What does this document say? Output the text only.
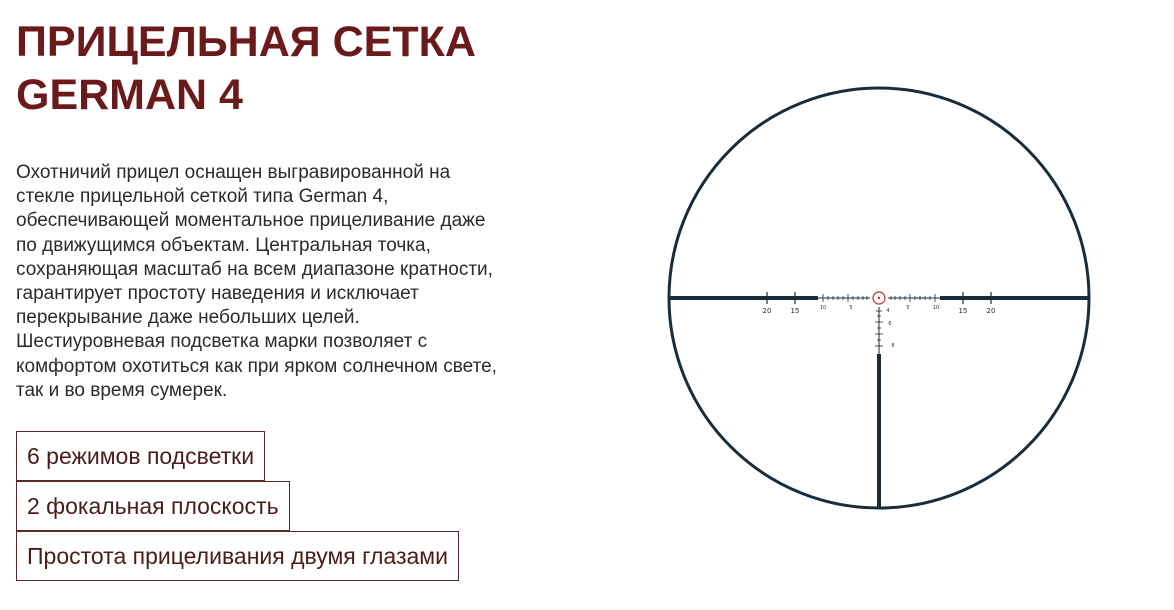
ПРИЦЕЛЬНАЯ СЕТКА
GERMAN 4

Охотничий прицел оснащен выгравированной на
стекле прицельной сеткой типа German 4,
обеспечивающей моментальное прицеливание даже
по движущимся объектам. Центральная точка,
сохраняющая масштаб на всем диапазоне кратности,
гарантирует простоту наведения и исключает
перекрывание даже небольших целей.
Шестиуровневая подсветка марки позволяет с
комфортом охотиться как при ярком солнечном свете,
так и во время сумерек.

6 режимов подсветки
2 фокальная плоскость
Простота прицеливания двумя глазами
20	15	10	5	5	10	15	20
4
6
8
